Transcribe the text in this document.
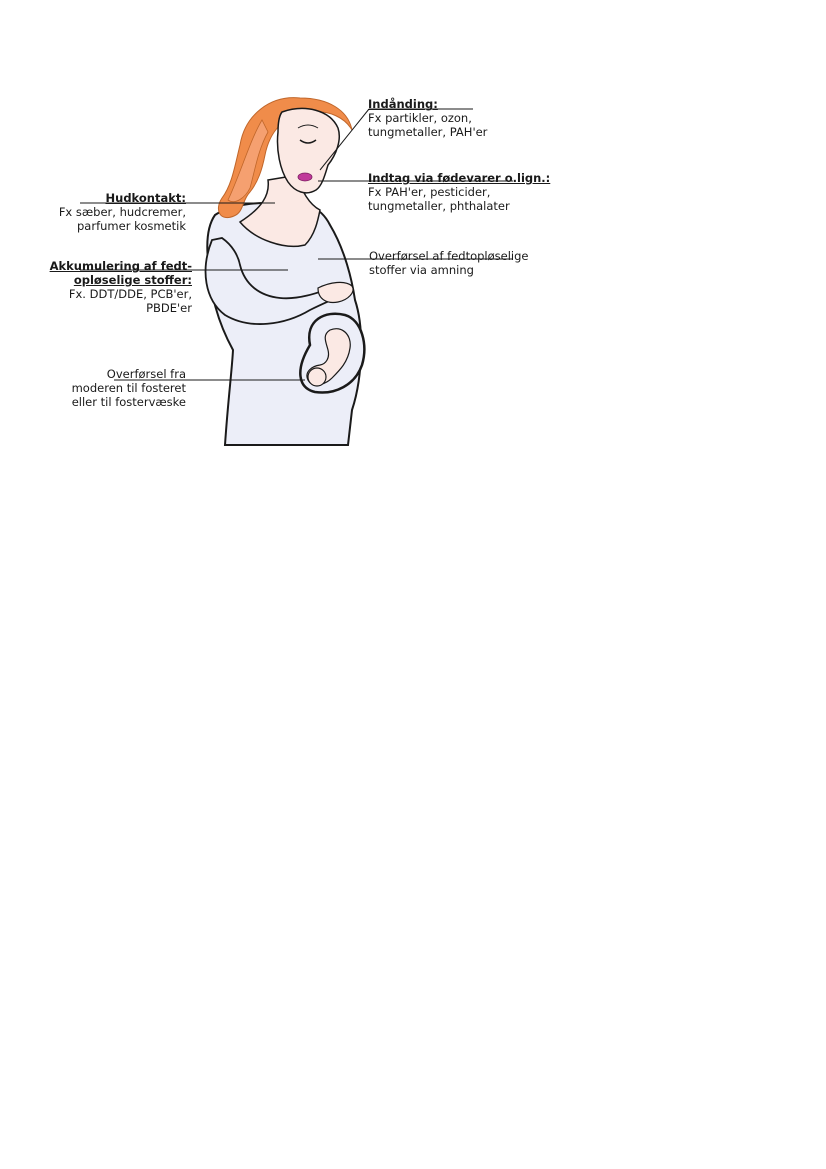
Indånding:
Fx partikler, ozon,
tungmetaller, PAH'er
Indtag via fødevarer o.lign.:
Fx PAH'er, pesticider,
tungmetaller, phthalater
Hudkontakt:
Fx sæber, hudcremer,
parfumer kosmetik
Akkumulering af fedt-
opløselige stoffer:
Fx. DDT/DDE, PCB'er,
PBDE'er
Overførsel af fedtopløselige
stoffer via amning
Overførsel fra
moderen til fosteret
eller til fostervæske
